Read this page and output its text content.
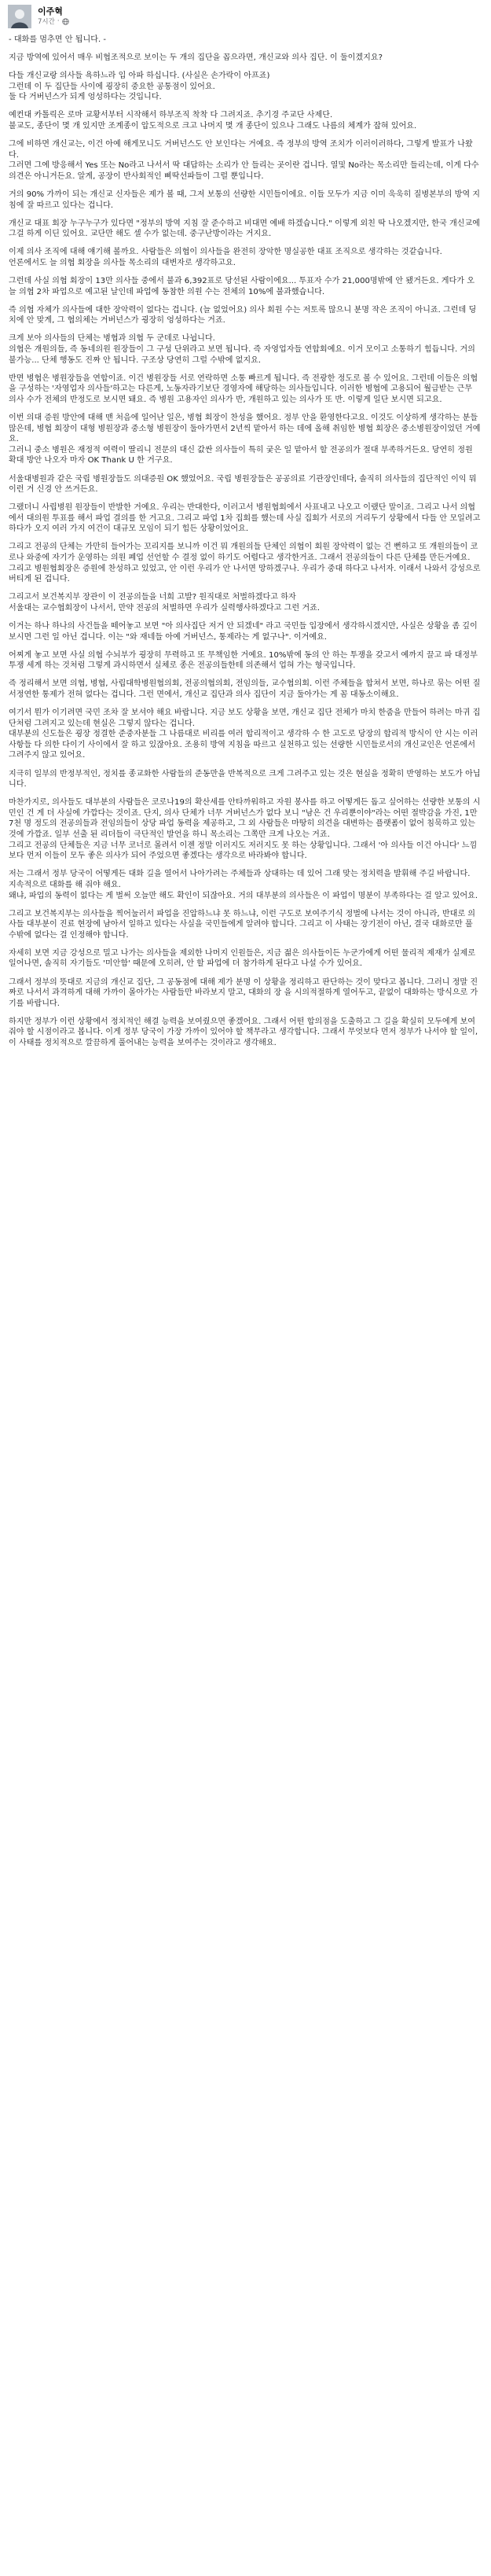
이주혁
7시간 ·

- 대화를 멈추면 안 됩니다. -

지금 방역에 있어서 매우 비협조적으로 보이는 두 개의 집단을 꼽으라면, 개신교와 의사 집단. 이 둘이겠지요?

다들 개신교랑 의사들 욕하느라 입 아파 하십니다. (사실은 손가락이 아프죠)
그런데 이 두 집단들 사이에 굉장히 중요한 공통점이 있어요.
둘 다 거버넌스가 되게 엉성하다는 것입니다.

예컨대 카톨릭은 로마 교황서부터 시작해서 하부조직 착착 다 그려지죠. 추기경 주교단 사제단.
불교도, 종단이 몇 개 있지만 조계종이 압도적으로 크고 나머지 몇 개 종단이 있으나 그래도 나름의 체계가 잡혀 있어요.

그에 비하면 개신교는, 이건 아예 해게모니도 거버넌스도 안 보인다는 거예요. 즉 정부의 방역 조치가 이러이러하다, 그렇게 발표가 나왔다.
그러면 그에 방응해서 Yes 또는 No라고 나서서 딱 대답하는 소리가 안 들리는 곳이란 겁니다. 열및 No라는 목소리만 들리는데, 이게 다수 의견은 아니거든요. 알게, 공장이 반사회적인 삐딱선파들이 그럴 뿐입니다.

거의 90% 가까이 되는 개신교 신자들은 제가 볼 때, 그저 보통의 선량한 시민들이에요. 이들 모두가 지금 이미 욱욱히 질병본부의 방역 지침에 잘 따르고 있다는 겁니다.

개신교 대표 회장 누구누구가 있다면 "정부의 방역 지침 잘 준수하고 비대면 예배 하겠습니다." 이렇게 외친 딱 나오겠지만, 한국 개신교에 그걸 하게 이딘 있어요. 교단만 해도 셀 수가 없는데. 중구난방이라는 거지요.

이제 의사 조직에 대해 얘기해 볼까요. 사람들은 의협이 의사들을 완전히 장악한 명실공한 대표 조직으로 생각하는 것같습니다.
언론에서도 늘 의협 회장을 의사들 목소리의 대변자로 생각하고요.

그런데 사실 의협 회장이 13만 의사들 중에서 불과 6,392표로 당선된 사람이에요... 투표자 수가 21,000명밖에 안 됐거든요. 게다가 오늘 의협 2차 파업으로 예고된 날인데 파업에 동참한 의원 수는 전체의 10%에 불과했습니다.

즉 의협 자체가 의사들에 대한 장악력이 없다는 겁니다. (늘 없었어요) 의사 회원 수는 저토록 많으니 분명 작은 조직이 아니죠. 그런데 딩치에 안 맞게, 그 협의체는 거버넌스가 굉장히 엉성하다는 거죠.

크게 보아 의사들의 단체는 병협과 의협 두 군데로 나뉩니다.
의협은 개원의들, 즉 동네의원 원장들이 그 구성 단위라고 보면 됩니다. 즉 자영업자들 연합회예요. 이거 모이고 소통하기 힘듭니다. 거의 불가능... 단체 행동도 진짜 안 됩니다. 구조상 당연히 그럴 수밖에 없지요.

반면 병협은 병원장들을 연합이죠. 이건 병원장들 서로 연락하면 소통 빠르게 됩니다. 즉 전광한 정도로 볼 수 있어요. 그런데 이들은 의협을 구성하는 '자영업자 의사들'하고는 다른게, 노동자라기보단 경영자에 해당하는 의사들입니다. 이러한 병협에 고용되어 월급받는 근무 의사 수가 전체의 반정도로 보시면 돼요. 즉 병원 고용자인 의사가 반, 개원하고 있는 의사가 또 반. 이렇게 일단 보시면 되고요.

이번 의대 증원 방안에 대해 맨 처음에 일어난 일은, 병협 회장이 찬성을 했어요. 정부 안을 환영한다고요. 이것도 이상하게 생각하는 분들 많은데, 병협 회장이 대형 병원장과 중소형 병원장이 둘아가면서 2년씩 맡아서 하는 데에 올해 취임한 병협 회장은 중소병원장이었던 거예요.
그러니 중소 병원은 재정적 여력이 딸리니 전문의 대신 값싼 의사들이 특히 궂은 일 맡아서 할 전공의가 절대 부족하거든요. 당연히 정원 확대 방안 나오자 마자 OK Thank U 한 거구요.

서울대병원과 같은 국립 병원장들도 의대증원 OK 했었어요. 국립 병원장들은 공공의료 기관장인데다, 솔직히 의사들의 집단적인 이익 뭐 이런 거 신경 안 쓰거든요.

그랬더니 사립병원 원장들이 반발한 거예요. 우리는 반대한다, 이러고서 병원협회에서 사표내고 나오고 이랬단 말이죠. 그리고 나서 의협에서 대의원 투표를 해서 파업 결의를 한 거고요. 그리고 파업 1차 집회를 했는데 사실 집회가 서로의 거리두기 상황에서 다들 안 모일려고 하다가 오지 여러 가지 여건이 대규모 모임이 되기 힘든 상황이었어요.

그리고 전공의 단체는 가만히 들어가는 꼬리지를 보니까 이건 뭐 개원의들 단체인 의협이 회원 장악력이 없는 건 뻔하고 또 개원의들이 코로나 와중에 자기가 운영하는 의원 폐업 선언할 수 결정 없이 하기도 어렵다고 생각한거죠. 그래서 전공의들이 다른 단체를 만든거예요.
그리고 병원협회장은 증원에 찬성하고 있었고, 안 이런 우리가 안 나서면 망하겠구나. 우리가 중대 하다고 나서자. 이래서 나와서 강성으로 버티게 된 겁니다.

그리고서 보건복지부 장관이 이 전공의들을 너희 고발? 원직대로 처벌하겠다고 하자
서울대는 교수협회장이 나서서, 만약 전공의 처벌하면 우리가 실력행사하겠다고 그런 거죠.

이거는 하나 하나의 사건들을 떼어놓고 보면 "아 의사집단 저거 안 되겠네" 라고 국민들 입장에서 생각하시겠지만, 사실은 상황을 좀 깊이 보시면 그런 일 아닌 겁니다. 이는 "와 재네들 아예 거버넌스, 통제라는 게 없구나". 이거예요.

어찌게 놓고 보면 사실 의협 수뇌부가 굉장히 무력하고 또 무책임한 거예요. 10%밖에 동의 안 하는 투쟁을 갖고서 예까지 끌고 파 대정부 투쟁 세게 하는 것처럼 그렇게 과시하면서 실체로 종은 전공의들한테 의존해서 업혀 가는 형국입니다.

즉 정리해서 보면 의협, 병협, 사립대학병원협의회, 전공의협의회, 전임의들, 교수협의회. 이런 주체들을 합쳐서 보면, 하나로 묶는 어떤 질서정연한 통제가 전혀 없다는 겁니다. 그런 면에서, 개신교 집단과 의사 집단이 지금 둘아가는 게 꼼 대동소이해요.

여기서 뭔가 이기려면 국민 조차 잘 보셔야 해요 바랍니다. 지금 보도 상황을 보면, 개신교 집단 전체가 마치 한줌을 만들어 하려는 마귀 집단처럼 그려지고 있는데 현실은 그렇지 않다는 겁니다.
대부분의 신도들은 굉장 정결한 준중자분들 그 나름대로 비리를 여러 합리적이고 생각하 수 한 고도로 당장의 합리적 방식이 안 시는 이러 사항들 다 의한 다이기 사이에서 잘 하고 있잖아요. 조용히 방역 지침을 따르고 실천하고 있는 선량한 시민들로서의 개신교인은 언론에서 그려주지 않고 있어요.

지극히 일부의 반정부적인, 정치를 종교화한 사람들의 준동만을 반복적으로 크게 그려주고 있는 것은 현실을 정확히 반영하는 보도가 아닙니다.

마찬가지로, 의사들도 대부분의 사람들은 코로나19의 확산세를 안타까워하고 자원 봉사를 하고 어떻게든 돕고 싶어하는 선량한 보통의 시민인 건 게 더 사실에 가깝다는 것이죠. 단지, 의사 단체가 너무 거버넌스가 없다 보니 "남은 건 우리뿐이야"라는 어떤 절박감을 가진, 1만 7천 명 정도의 전공의들과 전임의들이 상당 파업 동력을 제공하고, 그 외 사람들은 마땅히 의견을 대변하는 플랫폼이 없어 침묵하고 있는 것에 가깝죠. 일부 선출 된 리더들이 극단적인 발언을 하니 목소리는 그쪽만 크게 나오는 거죠.
그리고 전공의 단체들은 지금 너무 코너로 몰려서 이젠 정말 이러지도 저러지도 못 하는 상황입니다. 그래서 '아 의사들 이건 아니다' 느낌보다 먼저 이들이 모두 좋은 의사가 되어 주었으면 좋겠다는 생각으로 바라봐야 합니다.

저는 그래서 정부 당국이 어떻게든 대화 길을 열어서 나아가려는 주체들과 상대하는 데 있어 그래 맞는 정치력을 발휘해 주길 바랍니다.
지속적으로 대화를 해 줘야 해요.
왜냐, 파업의 동력이 없다는 게 벌써 오늘만 해도 확인이 되잖아요. 거의 대부분의 의사들은 이 파업이 명분이 부족하다는 걸 알고 있어요.

그리고 보건복지부는 의사들을 찍어눌러서 파업을 진압하느냐 못 하느냐, 이런 구도로 보여주기식 정벌에 나서는 것이 아니라, 반대로 의사들 대부분이 진료 현장에 남아서 일하고 있다는 사실을 국민들에게 알려야 합니다. 그리고 이 사태는 장기전이 아닌, 결국 대화로만 풀 수밖에 없다는 걸 인정해야 합니다.

자세히 보면 지금 강성으로 밀고 나가는 의사들을 제외한 나머지 인원들은, 지금 젊은 의사들이든 누군가에게 어떤 물리적 제재가 실제로 일어나면, 솔직히 자기들도 '미안함' 때문에 오히려, 안 할 파업에 더 참가하게 된다고 나설 수가 있어요.

그래서 정부의 뜻대로 지금의 개신교 집단, 그 공동점에 대해 제가 분명 이 상황을 정리하고 판단하는 것이 맞다고 봅니다. 그러니 정말 진짜로 나서서 과격하게 대해 가까이 몰아가는 사람들만 바라보지 말고, 대화의 장 을 시의적절하게 열어두고, 끝없이 대화하는 방식으로 가기를 바랍니다.

하지만 정부가 이런 상황에서 정치적인 해결 능력을 보여줬으면 좋겠어요. 그래서 어떤 합의점을 도출하고 그 길을 확실히 모두에게 보여줘야 할 시점이라고 봅니다. 이게 정부 당국이 가장 가까이 있어야 할 책무라고 생각합니다. 그래서 무엇보다 먼저 정부가 나서야 할 일이, 이 사태를 정치적으로 깔끔하게 풀어내는 능력을 보여주는 것이라고 생각해요.
